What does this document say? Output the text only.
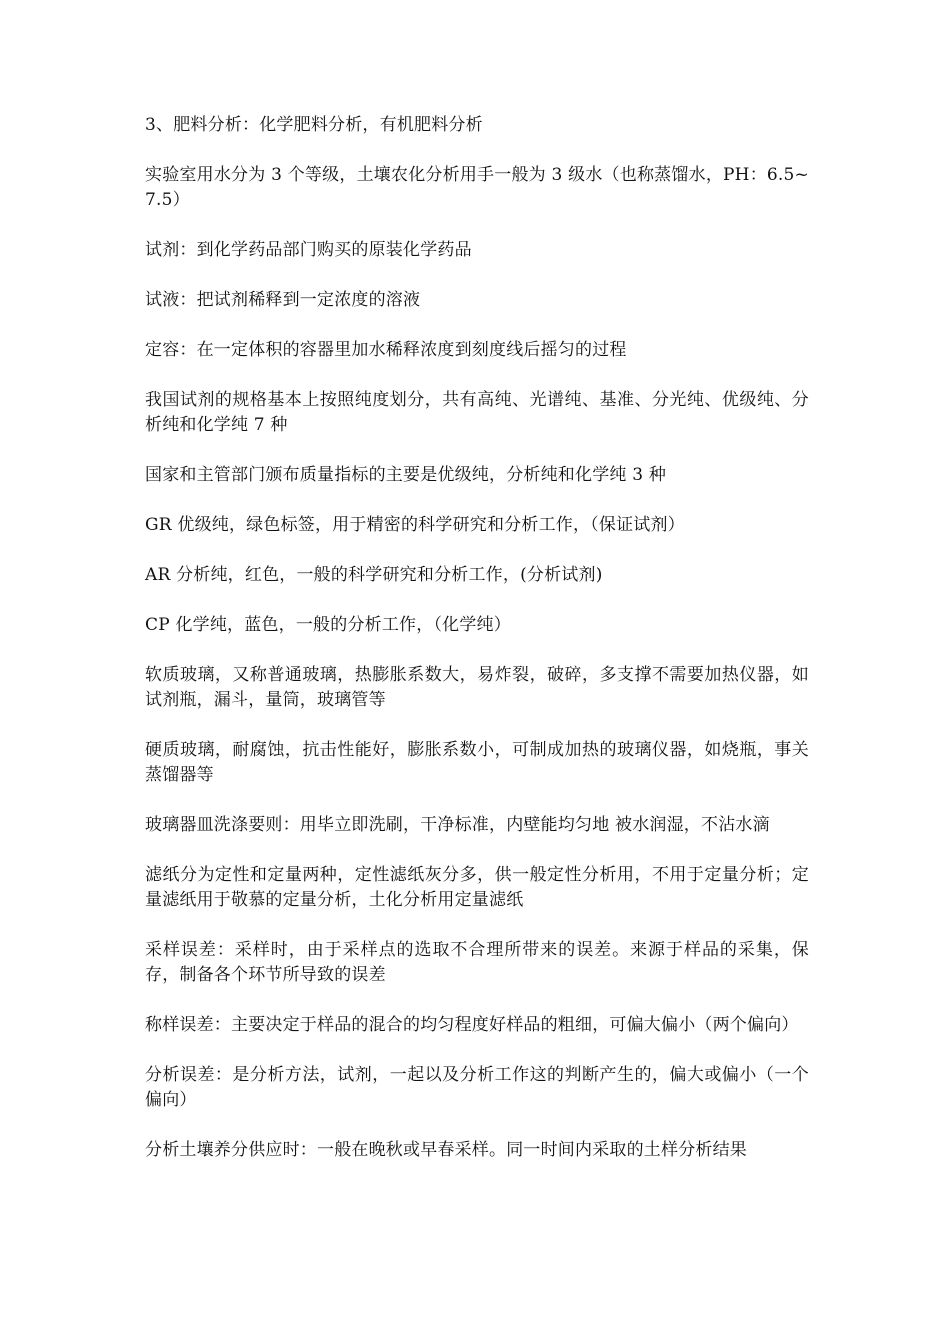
3、肥料分析：化学肥料分析，有机肥料分析

实验室用水分为 3 个等级，土壤农化分析用手一般为 3 级水（也称蒸馏水，PH：6.5~7.5）

试剂：到化学药品部门购买的原装化学药品

试液：把试剂稀释到一定浓度的溶液

定容：在一定体积的容器里加水稀释浓度到刻度线后摇匀的过程

我国试剂的规格基本上按照纯度划分，共有高纯、光谱纯、基准、分光纯、优级纯、分析纯和化学纯 7 种

国家和主管部门颁布质量指标的主要是优级纯，分析纯和化学纯 3 种

GR 优级纯，绿色标签，用于精密的科学研究和分析工作，（保证试剂）

AR 分析纯，红色，一般的科学研究和分析工作，(分析试剂)

CP 化学纯，蓝色，一般的分析工作，（化学纯）

软质玻璃，又称普通玻璃，热膨胀系数大，易炸裂，破碎，多支撑不需要加热仪器，如试剂瓶，漏斗，量筒，玻璃管等

硬质玻璃，耐腐蚀，抗击性能好，膨胀系数小，可制成加热的玻璃仪器，如烧瓶，事关蒸馏器等

玻璃器皿洗涤要则：用毕立即洗刷，干净标准，内壁能均匀地 被水润湿，不沾水滴

滤纸分为定性和定量两种，定性滤纸灰分多，供一般定性分析用，不用于定量分析；定量滤纸用于敬慕的定量分析，土化分析用定量滤纸

采样误差：采样时，由于采样点的选取不合理所带来的误差。来源于样品的采集，保存，制备各个环节所导致的误差

称样误差：主要决定于样品的混合的均匀程度好样品的粗细，可偏大偏小（两个偏向）

分析误差：是分析方法，试剂，一起以及分析工作这的判断产生的，偏大或偏小（一个偏向）

分析土壤养分供应时：一般在晚秋或早春采样。同一时间内采取的土样分析结果
